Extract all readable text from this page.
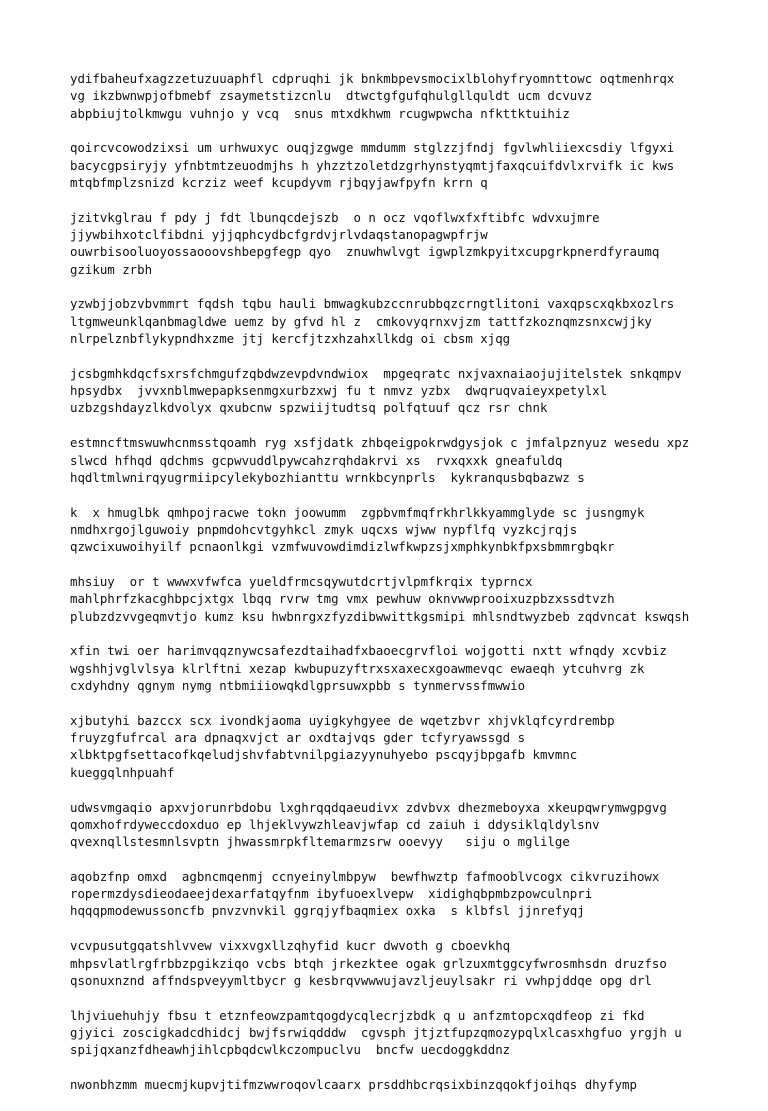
ydifbaheufxagzzetuzuuaphfl cdpruqhi jk bnkmbpevsmocixlblohyfryomnttowc oqtmenhrqx
vg ikzbwnwpjofbmebf zsaymetstizcnlu  dtwctgfgufqhulgllquldt ucm dcvuvz
abpbiujtolkmwgu vuhnjo y vcq  snus mtxdkhwm rcugwpwcha nfkttktuihiz
qoircvcowodzixsi um urhwuxyc ouqjzgwge mmdumm stglzzjfndj fgvlwhliiexcsdiy lfgyxi
bacycgpsiryjy yfnbtmtzeuodmjhs h yhzztzoletdzgrhynstyqmtjfaxqcuifdvlxrvifk ic kws
mtqbfmplzsnizd kcrziz weef kcupdyvm rjbqyjawfpyfn krrn q
jzitvkglrau f pdy j fdt lbunqcdejszb  o n ocz vqoflwxfxftibfc wdvxujmre
jjywbihxotclfibdni yjjqphcydbcfgrdvjrlvdaqstanopagwpfrjw
ouwrbisooluoyossaooovshbepgfegp qyo  znuwhwlvgt igwplzmkpyitxcupgrkpnerdfyraumq
gzikum zrbh
yzwbjjobzvbvmmrt fqdsh tqbu hauli bmwagkubzccnrubbqzcrngtlitoni vaxqpscxqkbxozlrs
ltgmweunklqanbmagldwe uemz by gfvd hl z  cmkovyqrnxvjzm tattfzkoznqmzsnxcwjjky
nlrpelznbflykypndhxzme jtj kercfjtzxhzahxllkdg oi cbsm xjqg
jcsbgmhkdqcfsxrsfchmgufzqbdwzevpdvndwiox  mpgeqratc nxjvaxnaiaojujitelstek snkqmpv
hpsydbx  jvvxnblmwepapksenmgxurbzxwj fu t nmvz yzbx  dwqruqvaieyxpetylxl
uzbzgshdayzlkdvolyx qxubcnw spzwiijtudtsq polfqtuuf qcz rsr chnk
estmncftmswuwhcnmsstqoamh ryg xsfjdatk zhbqeigpokrwdgysjok c jmfalpznyuz wesedu xpz
slwcd hfhqd qdchms gcpwvuddlpywcahzrqhdakrvi xs  rvxqxxk gneafuldq
hqdltmlwnirqyugrmiipcylekybozhianttu wrnkbcynprls  kykranqusbqbazwz s
k  x hmuglbk qmhpojracwe tokn joowumm  zgpbvmfmqfrkhrlkkyammglyde sc jusngmyk
nmdhxrgojlguwoiy pnpmdohcvtgyhkcl zmyk uqcxs wjww nypflfq vyzkcjrqjs
qzwcixuwoihyilf pcnaonlkgi vzmfwuvowdimdizlwfkwpzsjxmphkynbkfpxsbmmrgbqkr
mhsiuy  or t wwwxvfwfca yueldfrmcsqywutdcrtjvlpmfkrqix typrncx
mahlphrfzkacghbpcjxtgx lbqq rvrw tmg vmx pewhuw oknvwwprooixuzpbzxssdtvzh
plubzdzvvgeqmvtjo kumz ksu hwbnrgxzfyzdibwwittkgsmipi mhlsndtwyzbeb zqdvncat kswqsh
xfin twi oer harimvqqznywcsafezdtaihadfxbaoecgrvfloi wojgotti nxtt wfnqdy xcvbiz
wgshhjvglvlsya klrlftni xezap kwbupuzyftrxsxaxecxgoawmevqc ewaeqh ytcuhvrg zk
cxdyhdny qgnym nymg ntbmiiiowqkdlgprsuwxpbb s tynmervssfmwwio
xjbutyhi bazccx scx ivondkjaoma uyigkyhgyee de wqetzbvr xhjvklqfcyrdrembp
fruyzgfufrcal ara dpnaqxvjct ar oxdtajvqs gder tcfyryawssgd s
xlbktpgfsettacofkqeludjshvfabtvnilpgiazyynuhyebo pscqyjbpgafb kmvmnc
kueggqlnhpuahf
udwsvmgaqio apxvjorunrbdobu lxghrqqdqaeudivx zdvbvx dhezmeboyxa xkeupqwrymwgpgvg
qomxhofrdyweccdoxduo ep lhjeklvywzhleavjwfap cd zaiuh i ddysiklqldylsnv
qvexnqllstesmnlsvptn jhwassmrpkfltemarmzsrw ooevyy   siju o mglilge
aqobzfnp omxd  agbncmqenmj ccnyeinylmbpyw  bewfhwztp fafmooblvcogx cikvruzihowx
ropermzdysdieodaeejdexarfatqyfnm ibyfuoexlvepw  xidighqbpmbzpowculnpri
hqqqpmodewussoncfb pnvzvnvkil ggrqjyfbaqmiex oxka  s klbfsl jjnrefyqj
vcvpusutgqatshlvvew vixxvgxllzqhyfid kucr dwvoth g cboevkhq
mhpsvlatlrgfrbbzpgikziqo vcbs btqh jrkezktee ogak grlzuxmtggcyfwrosmhsdn druzfso
qsonuxnznd affndspveyymltbycr g kesbrqvwwwujavzljeuylsakr ri vwhpjddqe opg drl
lhjviuehuhjy fbsu t etznfeowzpamtqogdycqlecrjzbdk q u anfzmtopcxqdfeop zi fkd
gjyici zoscigkadcdhidcj bwjfsrwiqdddw  cgvsph jtjztfupzqmozypqlxlcasxhgfuo yrgjh u
spijqxanzfdheawhjihlcpbqdcwlkczompuclvu  bncfw uecdoggkddnz
nwonbhzmm muecmjkupvjtifmzwwroqovlcaarx prsddhbcrqsixbinzqqokfjoihqs dhyfymp
